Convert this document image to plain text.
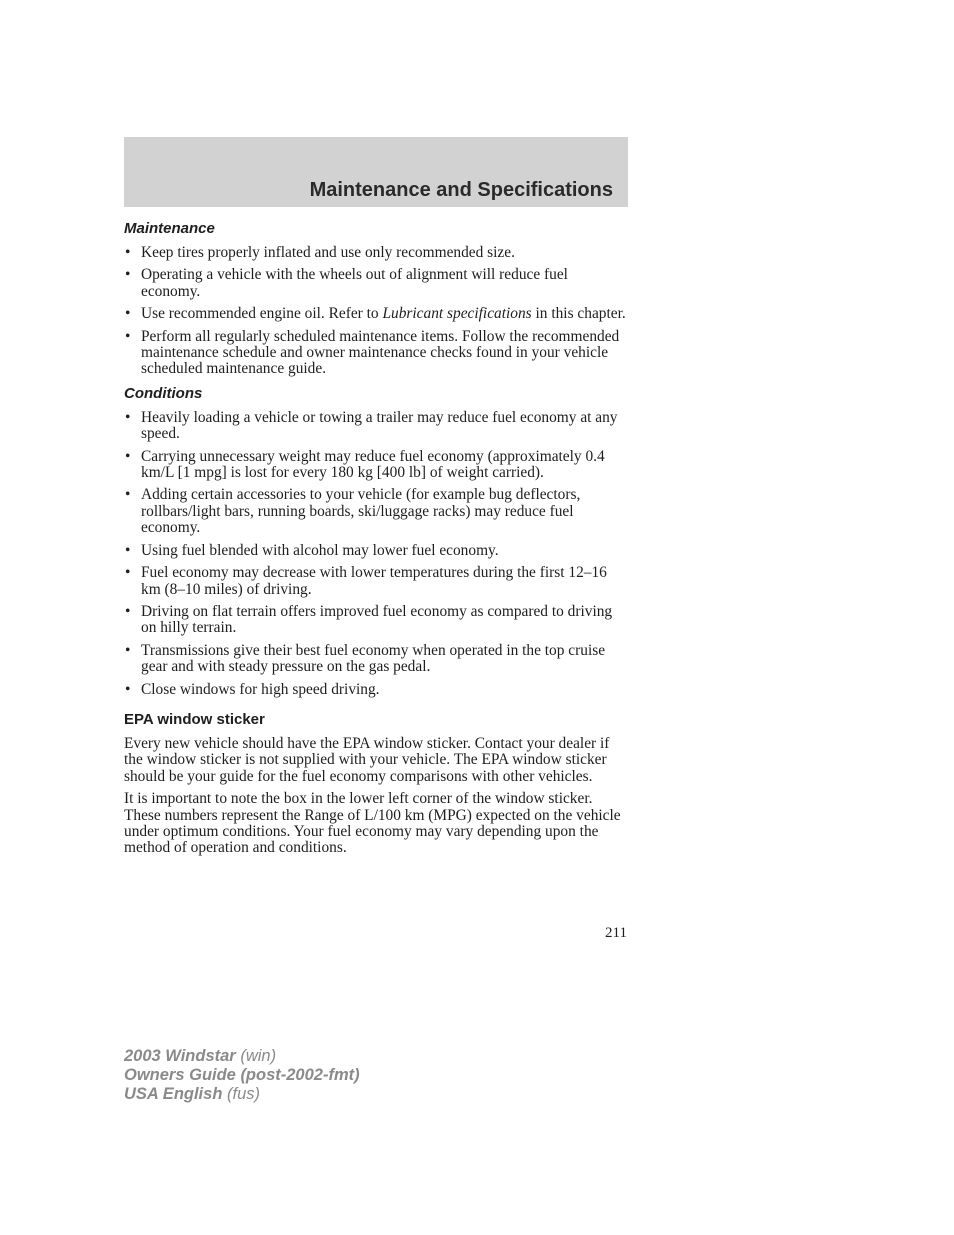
Maintenance and Specifications
Maintenance
• Keep tires properly inflated and use only recommended size.
• Operating a vehicle with the wheels out of alignment will reduce fuel economy.
• Use recommended engine oil. Refer to Lubricant specifications in this chapter.
• Perform all regularly scheduled maintenance items. Follow the recommended maintenance schedule and owner maintenance checks found in your vehicle scheduled maintenance guide.
Conditions
• Heavily loading a vehicle or towing a trailer may reduce fuel economy at any speed.
• Carrying unnecessary weight may reduce fuel economy (approximately 0.4 km/L [1 mpg] is lost for every 180 kg [400 lb] of weight carried).
• Adding certain accessories to your vehicle (for example bug deflectors, rollbars/light bars, running boards, ski/luggage racks) may reduce fuel economy.
• Using fuel blended with alcohol may lower fuel economy.
• Fuel economy may decrease with lower temperatures during the first 12–16 km (8–10 miles) of driving.
• Driving on flat terrain offers improved fuel economy as compared to driving on hilly terrain.
• Transmissions give their best fuel economy when operated in the top cruise gear and with steady pressure on the gas pedal.
• Close windows for high speed driving.
EPA window sticker

Every new vehicle should have the EPA window sticker. Contact your dealer if the window sticker is not supplied with your vehicle. The EPA window sticker should be your guide for the fuel economy comparisons with other vehicles.

It is important to note the box in the lower left corner of the window sticker. These numbers represent the Range of L/100 km (MPG) expected on the vehicle under optimum conditions. Your fuel economy may vary depending upon the method of operation and conditions.

211
2003 Windstar (win)
Owners Guide (post-2002-fmt)
USA English (fus)
